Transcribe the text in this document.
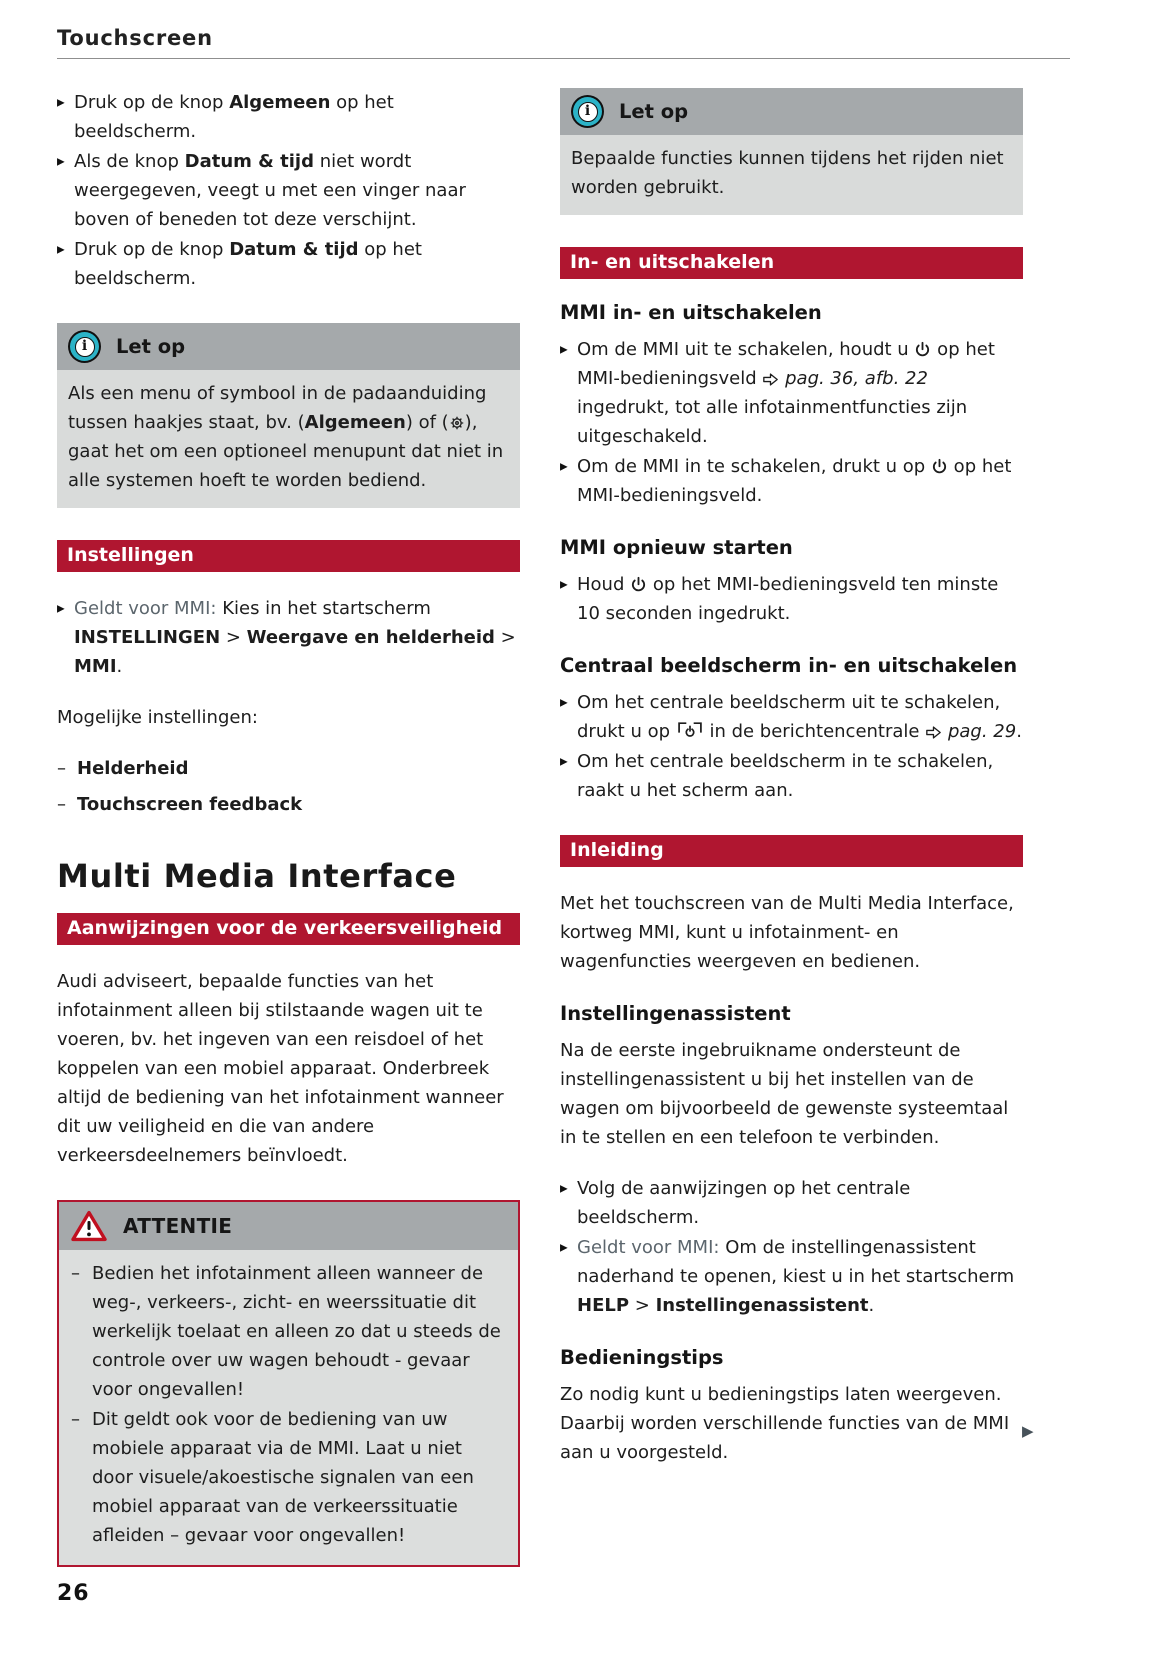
Touchscreen
▶ Druk op de knop Algemeen op het beeldscherm.
▶ Als de knop Datum & tijd niet wordt weergegeven, veegt u met een vinger naar boven of beneden tot deze verschijnt.
▶ Druk op de knop Datum & tijd op het beeldscherm.
i	Let op
Als een menu of symbool in de padaanduiding tussen haakjes staat, bv. (Algemeen) of ( ), gaat het om een optioneel menupunt dat niet in alle systemen hoeft te worden bediend.
Instellingen
▶ Geldt voor MMI: Kies in het startscherm INSTELLINGEN > Weergave en helderheid > MMI.
Mogelijke instellingen:
– Helderheid
– Touchscreen feedback
Multi Media Interface
Aanwijzingen voor de verkeersveiligheid
Audi adviseert, bepaalde functies van het infotainment alleen bij stilstaande wagen uit te voeren, bv. het ingeven van een reisdoel of het koppelen van een mobiel apparaat. Onderbreek altijd de bediening van het infotainment wanneer dit uw veiligheid en die van andere verkeersdeelnemers beïnvloedt.
ATTENTIE
– Bedien het infotainment alleen wanneer de weg-, verkeers-, zicht- en weerssituatie dit werkelijk toelaat en alleen zo dat u steeds de controle over uw wagen behoudt - gevaar voor ongevallen!
– Dit geldt ook voor de bediening van uw mobiele apparaat via de MMI. Laat u niet door visuele/akoestische signalen van een mobiel apparaat van de verkeerssituatie afleiden – gevaar voor ongevallen!
i	Let op
Bepaalde functies kunnen tijdens het rijden niet worden gebruikt.
In- en uitschakelen
MMI in- en uitschakelen
▶ Om de MMI uit te schakelen, houdt u  op het MMI-bedieningsveld  pag. 36, afb. 22 ingedrukt, tot alle infotainmentfuncties zijn uitgeschakeld.
▶ Om de MMI in te schakelen, drukt u op  op het MMI-bedieningsveld.
MMI opnieuw starten
▶ Houd  op het MMI-bedieningsveld ten minste 10 seconden ingedrukt.
Centraal beeldscherm in- en uitschakelen
▶ Om het centrale beeldscherm uit te schakelen, drukt u op  in de berichtencentrale  pag. 29.
▶ Om het centrale beeldscherm in te schakelen, raakt u het scherm aan.
Inleiding
Met het touchscreen van de Multi Media Interface, kortweg MMI, kunt u infotainment- en wagenfuncties weergeven en bedienen.
Instellingenassistent
Na de eerste ingebruikname ondersteunt de instellingenassistent u bij het instellen van de wagen om bijvoorbeeld de gewenste systeemtaal in te stellen en een telefoon te verbinden.
▶ Volg de aanwijzingen op het centrale beeldscherm.
▶ Geldt voor MMI: Om de instellingenassistent naderhand te openen, kiest u in het startscherm HELP > Instellingenassistent.
Bedieningstips
Zo nodig kunt u bedieningstips laten weergeven. Daarbij worden verschillende functies van de MMI aan u voorgesteld.
▶
26
